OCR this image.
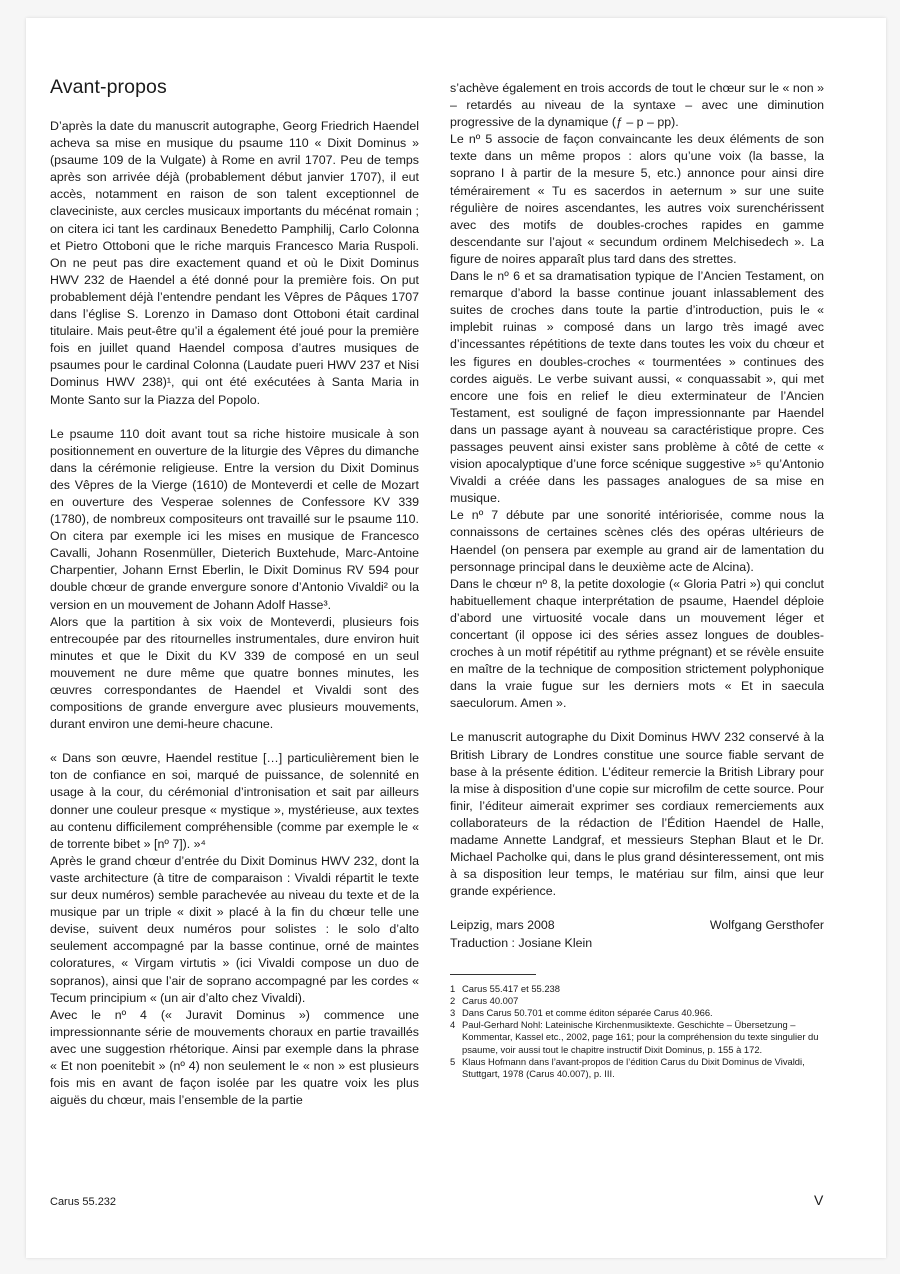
Avant-propos

D’après la date du manuscrit autographe, Georg Friedrich Haendel acheva sa mise en musique du psaume 110 « Dixit Dominus » (psaume 109 de la Vulgate) à Rome en avril 1707. Peu de temps après son arrivée déjà (probablement début janvier 1707), il eut accès, notamment en raison de son talent exceptionnel de claveciniste, aux cercles musicaux importants du mécénat romain ; on citera ici tant les cardinaux Benedetto Pamphilij, Carlo Colonna et Pietro Ottoboni que le riche marquis Francesco Maria Ruspoli. On ne peut pas dire exactement quand et où le Dixit Dominus HWV 232 de Haendel a été donné pour la première fois. On put probablement déjà l’entendre pendant les Vêpres de Pâques 1707 dans l’église S. Lorenzo in Damaso dont Ottoboni était cardinal titulaire. Mais peut-être qu’il a également été joué pour la première fois en juillet quand Haendel composa d’autres musiques de psaumes pour le cardinal Colonna (Laudate pueri HWV 237 et Nisi Dominus HWV 238)¹, qui ont été exécutées à Santa Maria in Monte Santo sur la Piazza del Popolo.

Le psaume 110 doit avant tout sa riche histoire musicale à son positionnement en ouverture de la liturgie des Vêpres du dimanche dans la cérémonie religieuse. Entre la version du Dixit Dominus des Vêpres de la Vierge (1610) de Monteverdi et celle de Mozart en ouverture des Vesperae solennes de Confessore KV 339 (1780), de nombreux compositeurs ont travaillé sur le psaume 110. On citera par exemple ici les mises en musique de Francesco Cavalli, Johann Rosenmüller, Dieterich Buxtehude, Marc-Antoine Charpentier, Johann Ernst Eberlin, le Dixit Dominus RV 594 pour double chœur de grande envergure sonore d’Antonio Vivaldi² ou la version en un mouvement de Johann Adolf Hasse³.

Alors que la partition à six voix de Monteverdi, plusieurs fois entrecoupée par des ritournelles instrumentales, dure environ huit minutes et que le Dixit du KV 339 de composé en un seul mouvement ne dure même que quatre bonnes minutes, les œuvres correspondantes de Haendel et Vivaldi sont des compositions de grande envergure avec plusieurs mouvements, durant environ une demi-heure chacune.

« Dans son œuvre, Haendel restitue […] particulièrement bien le ton de confiance en soi, marqué de puissance, de solennité en usage à la cour, du cérémonial d’intronisation et sait par ailleurs donner une couleur presque « mystique », mystérieuse, aux textes au contenu difficilement compréhensible (comme par exemple le « de torrente bibet » [nº 7]). »⁴

Après le grand chœur d’entrée du Dixit Dominus HWV 232, dont la vaste architecture (à titre de comparaison : Vivaldi répartit le texte sur deux numéros) semble parachevée au niveau du texte et de la musique par un triple « dixit » placé à la fin du chœur telle une devise, suivent deux numéros pour solistes : le solo d’alto seulement accompagné par la basse continue, orné de maintes coloratures, « Virgam virtutis » (ici Vivaldi compose un duo de sopranos), ainsi que l’air de soprano accompagné par les cordes « Tecum principium « (un air d’alto chez Vivaldi).

Avec le nº 4 (« Juravit Dominus ») commence une impressionnante série de mouvements choraux en partie travaillés avec une suggestion rhétorique. Ainsi par exemple dans la phrase « Et non poenitebit » (nº 4) non seulement le « non » est plusieurs fois mis en avant de façon isolée par les quatre voix les plus aiguës du chœur, mais l’ensemble de la partie

s’achève également en trois accords de tout le chœur sur le « non » – retardés au niveau de la syntaxe – avec une diminution progressive de la dynamique (ƒ – p – pp).

Le nº 5 associe de façon convaincante les deux éléments de son texte dans un même propos : alors qu’une voix (la basse, la soprano I à partir de la mesure 5, etc.) annonce pour ainsi dire témérairement « Tu es sacerdos in aeternum » sur une suite régulière de noires ascendantes, les autres voix surenchérissent avec des motifs de doubles-croches rapides en gamme descendante sur l’ajout « secundum ordinem Melchisedech ». La figure de noires apparaît plus tard dans des strettes.

Dans le nº 6 et sa dramatisation typique de l’Ancien Testament, on remarque d’abord la basse continue jouant inlassablement des suites de croches dans toute la partie d’introduction, puis le « implebit ruinas » composé dans un largo très imagé avec d’incessantes répétitions de texte dans toutes les voix du chœur et les figures en doubles-croches « tourmentées » continues des cordes aiguës. Le verbe suivant aussi, « conquassabit », qui met encore une fois en relief le dieu exterminateur de l’Ancien Testament, est souligné de façon impressionnante par Haendel dans un passage ayant à nouveau sa caractéristique propre. Ces passages peuvent ainsi exister sans problème à côté de cette « vision apocalyptique d’une force scénique suggestive »⁵ qu’Antonio Vivaldi a créée dans les passages analogues de sa mise en musique.

Le nº 7 débute par une sonorité intériorisée, comme nous la connaissons de certaines scènes clés des opéras ultérieurs de Haendel (on pensera par exemple au grand air de lamentation du personnage principal dans le deuxième acte de Alcina).

Dans le chœur nº 8, la petite doxologie (« Gloria Patri ») qui conclut habituellement chaque interprétation de psaume, Haendel déploie d’abord une virtuosité vocale dans un mouvement léger et concertant (il oppose ici des séries assez longues de doubles-croches à un motif répétitif au rythme prégnant) et se révèle ensuite en maître de la technique de composition strictement polyphonique dans la vraie fugue sur les derniers mots « Et in saecula saeculorum. Amen ».

Le manuscrit autographe du Dixit Dominus HWV 232 conservé à la British Library de Londres constitue une source fiable servant de base à la présente édition. L’éditeur remercie la British Library pour la mise à disposition d’une copie sur microfilm de cette source. Pour finir, l’éditeur aimerait exprimer ses cordiaux remerciements aux collaborateurs de la rédaction de l’Édition Haendel de Halle, madame Annette Landgraf, et messieurs Stephan Blaut et le Dr. Michael Pacholke qui, dans le plus grand désinteressement, ont mis à sa disposition leur temps, le matériau sur film, ainsi que leur grande expérience.

Leipzig, mars 2008	Wolfgang Gersthofer
Traduction : Josiane Klein
1 Carus 55.417 et 55.238
2 Carus 40.007
3 Dans Carus 50.701 et comme éditon séparée Carus 40.966.
4 Paul-Gerhard Nohl: Lateinische Kirchenmusiktexte. Geschichte – Übersetzung – Kommentar, Kassel etc., 2002, page 161; pour la compréhension du texte singulier du psaume, voir aussi tout le chapitre instructif Dixit Dominus, p. 155 à 172.
5 Klaus Hofmann dans l’avant-propos de l’édition Carus du Dixit Dominus de Vivaldi, Stuttgart, 1978 (Carus 40.007), p. III.
Carus 55.232	V
